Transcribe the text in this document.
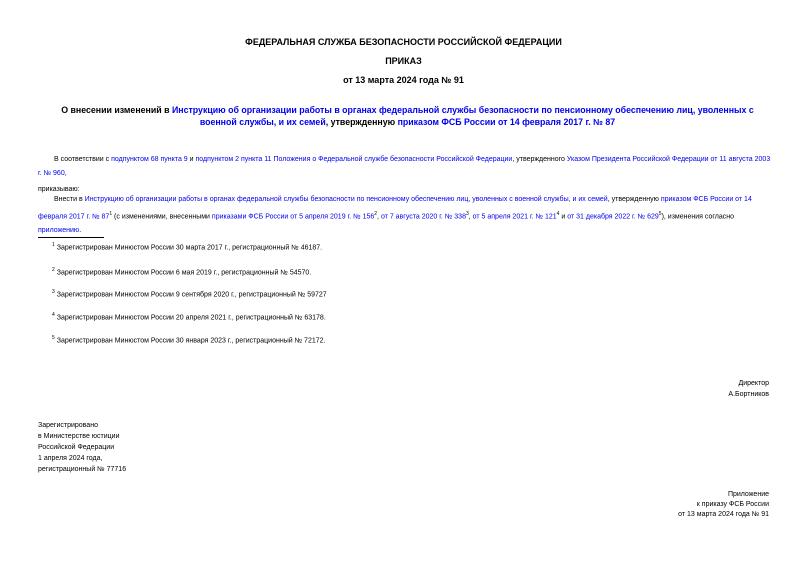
ФЕДЕРАЛЬНАЯ СЛУЖБА БЕЗОПАСНОСТИ РОССИЙСКОЙ ФЕДЕРАЦИИ
ПРИКАЗ
от 13 марта 2024 года № 91
О внесении изменений в Инструкцию об организации работы в органах федеральной службы безопасности по пенсионному обеспечению лиц, уволенных с военной службы, и их семей, утвержденную приказом ФСБ России от 14 февраля 2017 г. № 87
В соответствии с подпунктом 68 пункта 9 и подпунктом 2 пункта 11 Положения о Федеральной службе безопасности Российской Федерации, утвержденного Указом Президента Российской Федерации от 11 августа 2003 г. № 960,
приказываю:
Внести в Инструкцию об организации работы в органах федеральной службы безопасности по пенсионному обеспечению лиц, уволенных с военной службы, и их семей, утвержденную приказом ФСБ России от 14 февраля 2017 г. № $87^1$ (с изменениями, внесенными приказами ФСБ России от 5 апреля 2019 г. № $156^2$, от 7 августа 2020 г. № $338^3$, от 5 апреля 2021 г. № $121^4$ и от 31 декабря 2022 г. № $629^5$), изменения согласно приложению.
$^1$ Зарегистрирован Минюстом России 30 марта 2017 г., регистрационный № 46187.
$^2$ Зарегистрирован Минюстом России 6 мая 2019 г., регистрационный № 54570.
$^3$ Зарегистрирован Минюстом России 9 сентября 2020 г., регистрационный № 59727
$^4$ Зарегистрирован Минюстом России 20 апреля 2021 г., регистрационный № 63178.
$^5$ Зарегистрирован Минюстом России 30 января 2023 г., регистрационный № 72172.
Директор
А.Бортников
Зарегистрировано
в Министерстве юстиции
Российской Федерации
1 апреля 2024 года,
регистрационный № 77716
Приложение
к приказу ФСБ России
от 13 марта 2024 года № 91
